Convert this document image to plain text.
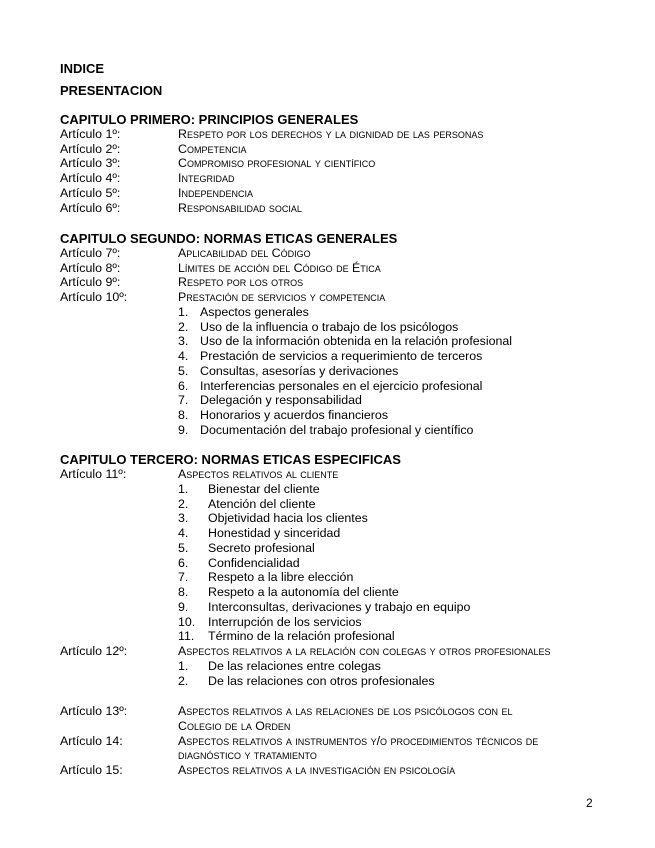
INDICE
PRESENTACION
CAPITULO PRIMERO: PRINCIPIOS GENERALES
Artículo 1º:	Respeto por los derechos y la dignidad de las personas
Artículo 2º:	Competencia
Artículo 3º:	Compromiso profesional y científico
Artículo 4º:	Integridad
Artículo 5º:	Independencia
Artículo 6º:	Responsabilidad social
CAPITULO SEGUNDO: NORMAS ETICAS GENERALES
Artículo 7º:	Aplicabilidad del Código
Artículo 8º:	Límites de acción del Código de Ética
Artículo 9º:	Respeto por los otros
Artículo 10º:	Prestación de servicios y competencia
1. Aspectos generales
2. Uso de la influencia o trabajo de los psicólogos
3. Uso de la información obtenida en la relación profesional
4. Prestación de servicios a requerimiento de terceros
5. Consultas, asesorías y derivaciones
6. Interferencias personales en el ejercicio profesional
7. Delegación y responsabilidad
8. Honorarios y acuerdos financieros
9. Documentación del trabajo profesional y científico
CAPITULO TERCERO: NORMAS ETICAS ESPECIFICAS
Artículo 11º:	Aspectos relativos al cliente
1. Bienestar del cliente
2. Atención del cliente
3. Objetividad hacia los clientes
4. Honestidad y sinceridad
5. Secreto profesional
6. Confidencialidad
7. Respeto a la libre elección
8. Respeto a la autonomía del cliente
9. Interconsultas, derivaciones y trabajo en equipo
10. Interrupción de los servicios
11. Término de la relación profesional
Artículo 12º:	Aspectos relativos a la relación con colegas y otros profesionales
1. De las relaciones entre colegas
2. De las relaciones con otros profesionales
Artículo 13º:	Aspectos relativos a las relaciones de los psicólogos con el
Colegio de la Orden
Artículo 14:	Aspectos relativos a instrumentos y/o procedimientos técnicos de
diagnóstico y tratamiento
Artículo 15:	Aspectos relativos a la investigación en psicología
2
